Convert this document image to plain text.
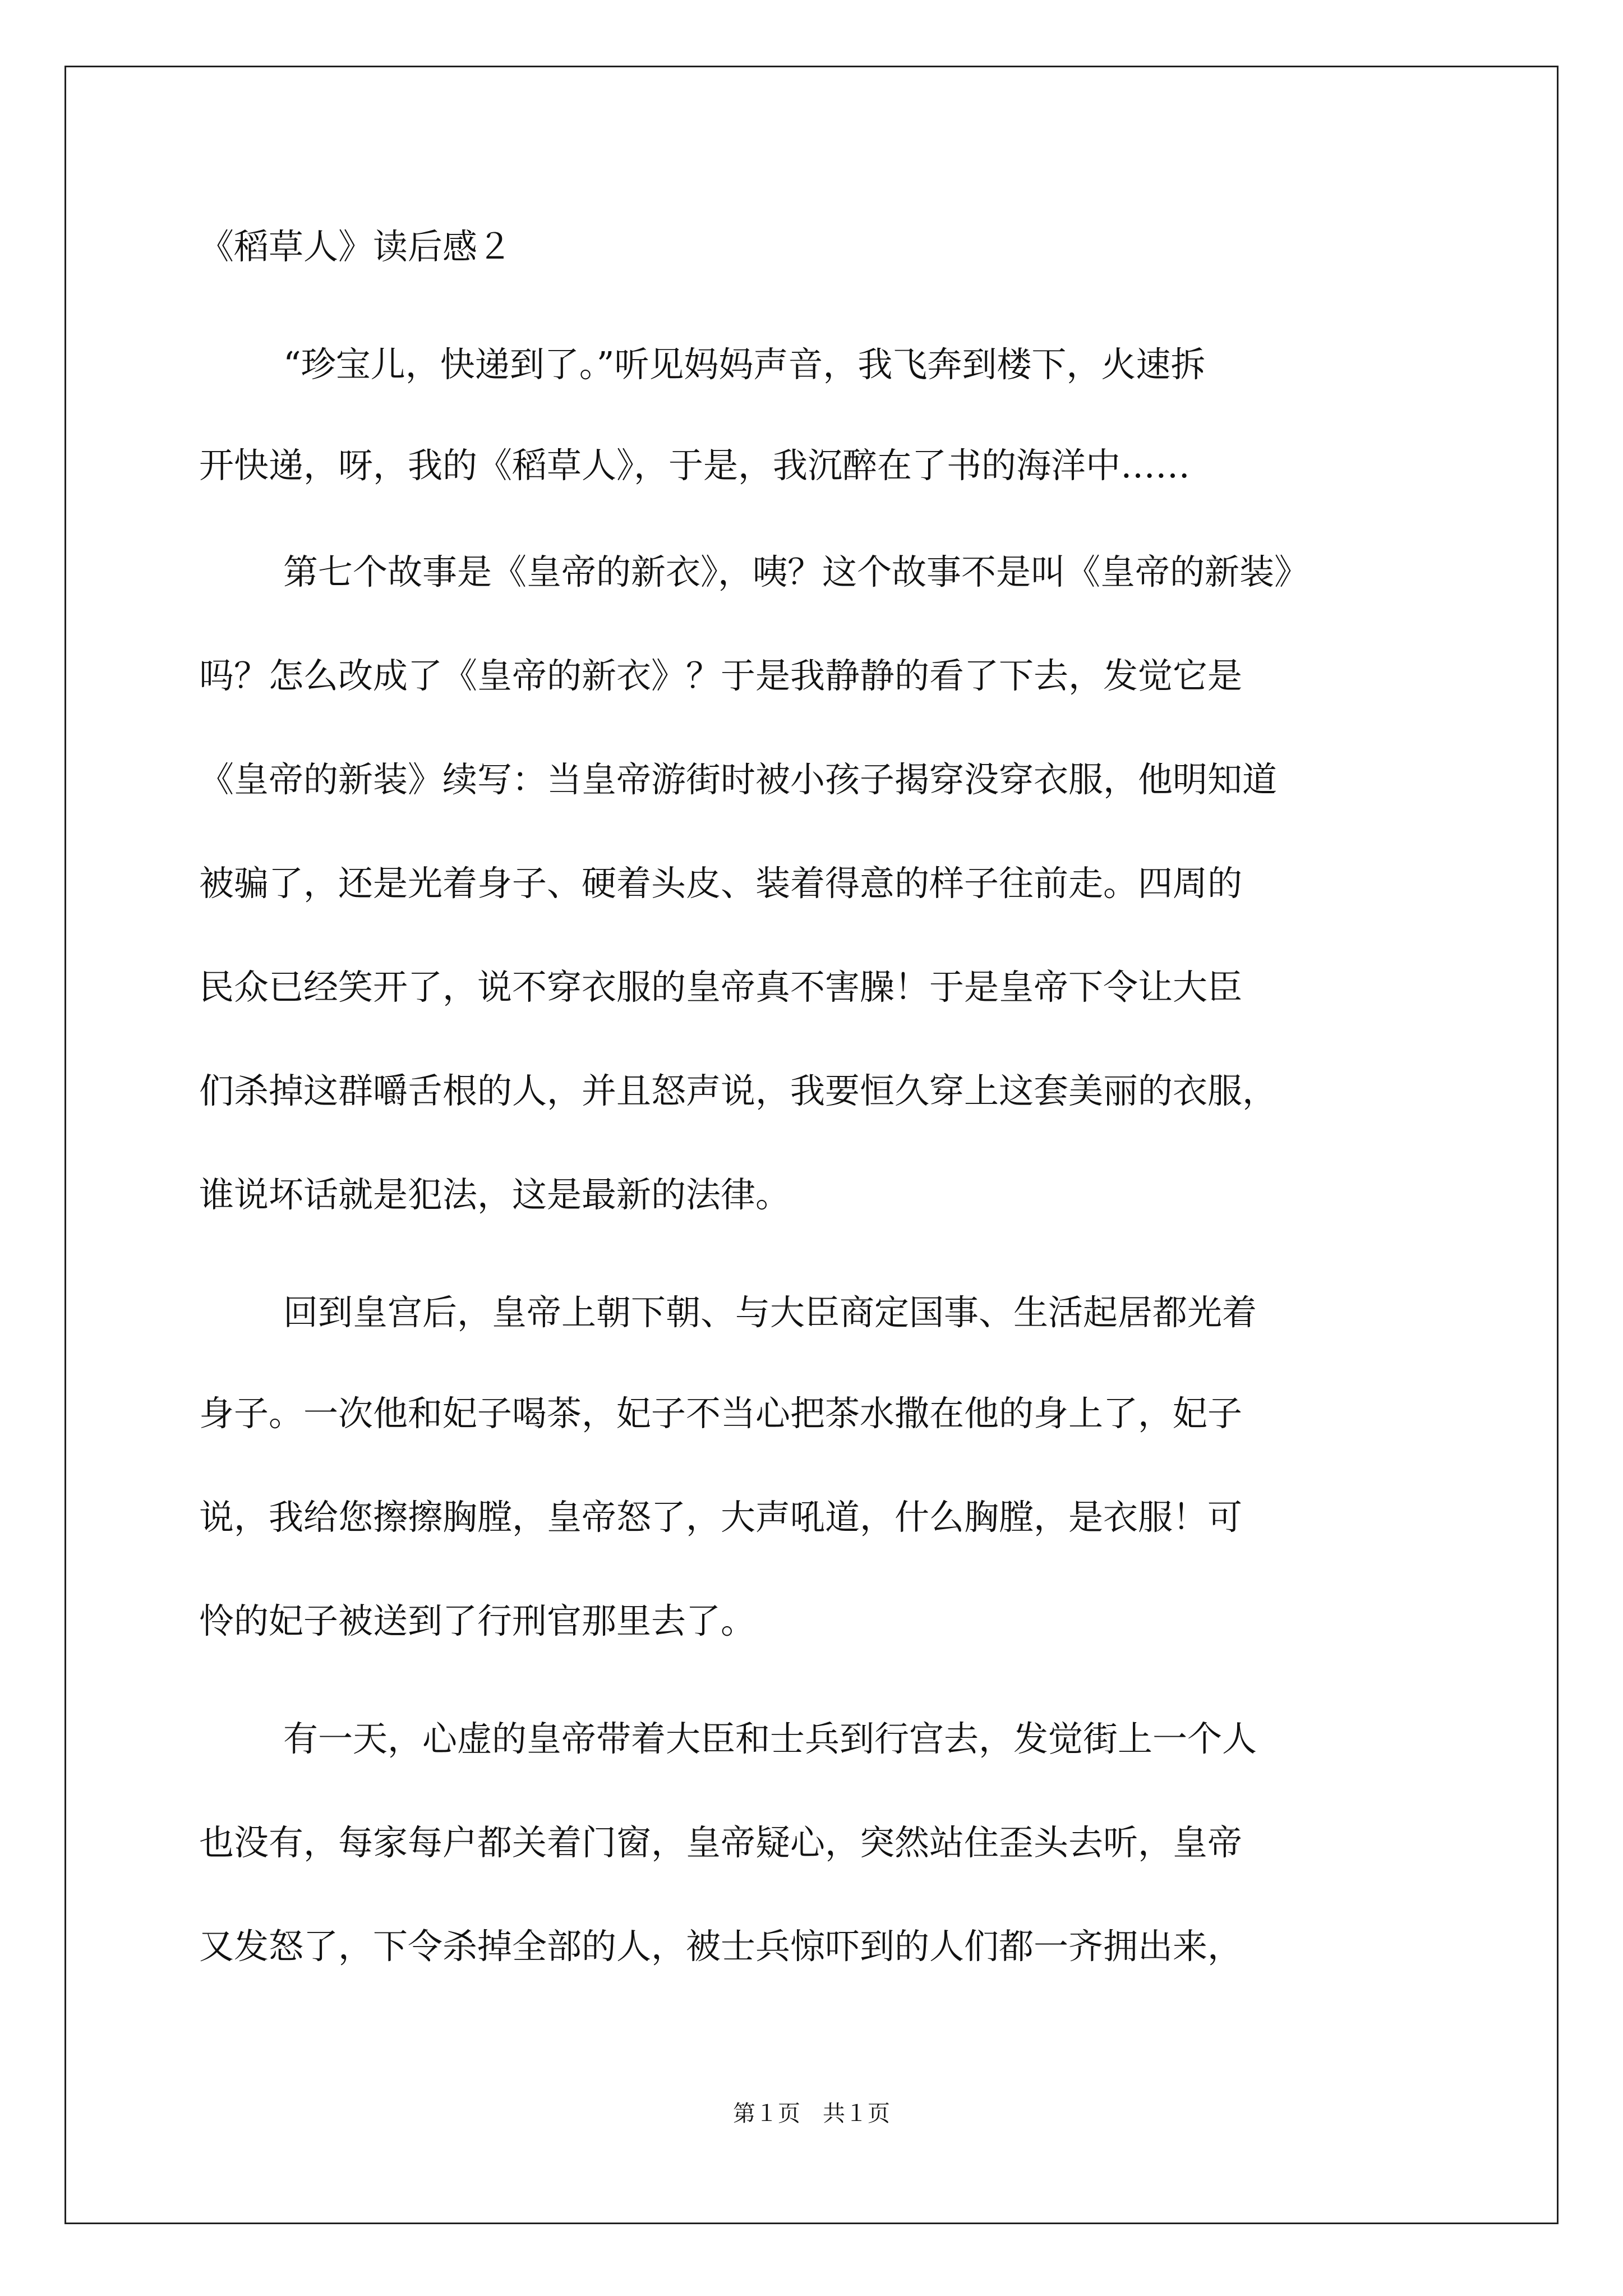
《稻草人》读后感２
“珍宝儿，快递到了。”听见妈妈声音，我飞奔到楼下，火速拆
开快递，呀，我的《稻草人》，于是，我沉醉在了书的海洋中……
第七个故事是《皇帝的新衣》，咦？这个故事不是叫《皇帝的新装》
吗？怎么改成了《皇帝的新衣》？于是我静静的看了下去，发觉它是
《皇帝的新装》续写：当皇帝游街时被小孩子揭穿没穿衣服，他明知道
被骗了，还是光着身子、硬着头皮、装着得意的样子往前走。四周的
民众已经笑开了，说不穿衣服的皇帝真不害臊！于是皇帝下令让大臣
们杀掉这群嚼舌根的人，并且怒声说，我要恒久穿上这套美丽的衣服，
谁说坏话就是犯法，这是最新的法律。
回到皇宫后，皇帝上朝下朝、与大臣商定国事、生活起居都光着
身子。一次他和妃子喝茶，妃子不当心把茶水撒在他的身上了，妃子
说，我给您擦擦胸膛，皇帝怒了，大声吼道，什么胸膛，是衣服！可
怜的妃子被送到了行刑官那里去了。
有一天，心虚的皇帝带着大臣和士兵到行宫去，发觉街上一个人
也没有，每家每户都关着门窗，皇帝疑心，突然站住歪头去听，皇帝
又发怒了，下令杀掉全部的人，被士兵惊吓到的人们都一齐拥出来，
第１页　共１页
